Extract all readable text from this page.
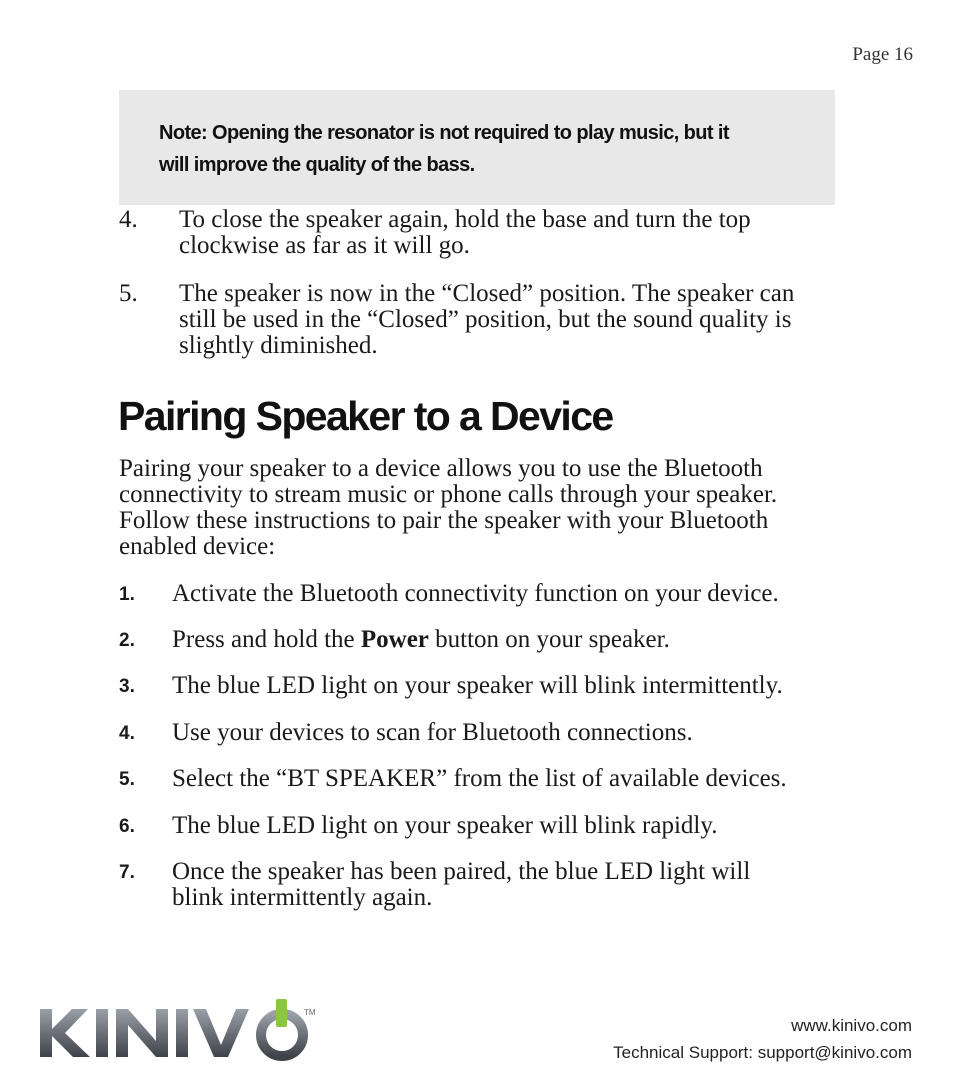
Page 16
Note: Opening the resonator is not required to play music, but it
will improve the quality of the bass.
4. To close the speaker again, hold the base and turn the top
clockwise as far as it will go.
5. The speaker is now in the “Closed” position. The speaker can
still be used in the “Closed” position, but the sound quality is
slightly diminished.
Pairing Speaker to a Device
Pairing your speaker to a device allows you to use the Bluetooth
connectivity to stream music or phone calls through your speaker.
Follow these instructions to pair the speaker with your Bluetooth
enabled device:
1. Activate the Bluetooth connectivity function on your device.
2. Press and hold the Power button on your speaker.
3. The blue LED light on your speaker will blink intermittently.
4. Use your devices to scan for Bluetooth connections.
5. Select the “BT SPEAKER” from the list of available devices.
6. The blue LED light on your speaker will blink rapidly.
7. Once the speaker has been paired, the blue LED light will
blink intermittently again.
TM
www.kinivo.com
Technical Support: support@kinivo.com
